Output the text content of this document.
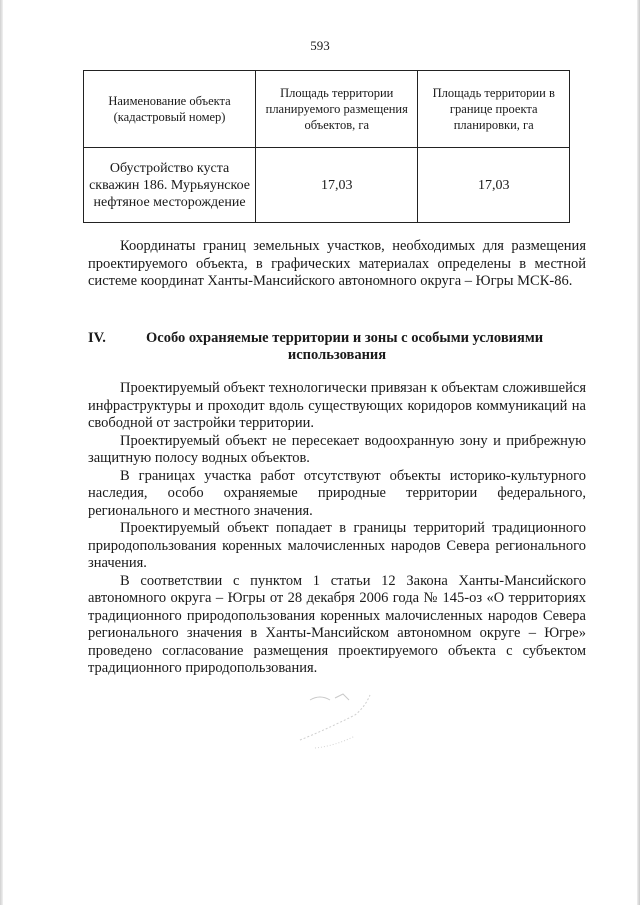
593
Наименование объекта (кадастровый номер)	Площадь территории планируемого размещения объектов, га	Площадь территории в границе проекта планировки, га
Обустройство куста скважин 186. Мурьяунское нефтяное месторождение	17,03	17,03

Координаты границ земельных участков, необходимых для размещения проектируемого объекта, в графических материалах определены в местной системе координат Ханты-Мансийского автономного округа – Югры МСК-86.

IV.	Особо охраняемые территории и зоны с особыми условиями
использования

Проектируемый объект технологически привязан к объектам сложившейся инфраструктуры и проходит вдоль существующих коридоров коммуникаций на свободной от застройки территории.

Проектируемый объект не пересекает водоохранную зону и прибрежную защитную полосу водных объектов.

В границах участка работ отсутствуют объекты историко-культурного наследия, особо охраняемые природные территории федерального, регионального и местного значения.

Проектируемый объект попадает в границы территорий традиционного природопользования коренных малочисленных народов Севера регионального значения.

В соответствии с пунктом 1 статьи 12 Закона Ханты-Мансийского автономного округа – Югры от 28 декабря 2006 года № 145-оз «О территориях традиционного природопользования коренных малочисленных народов Севера регионального значения в Ханты-Мансийском автономном округе – Югре» проведено согласование размещения проектируемого объекта с субъектом традиционного природопользования.
